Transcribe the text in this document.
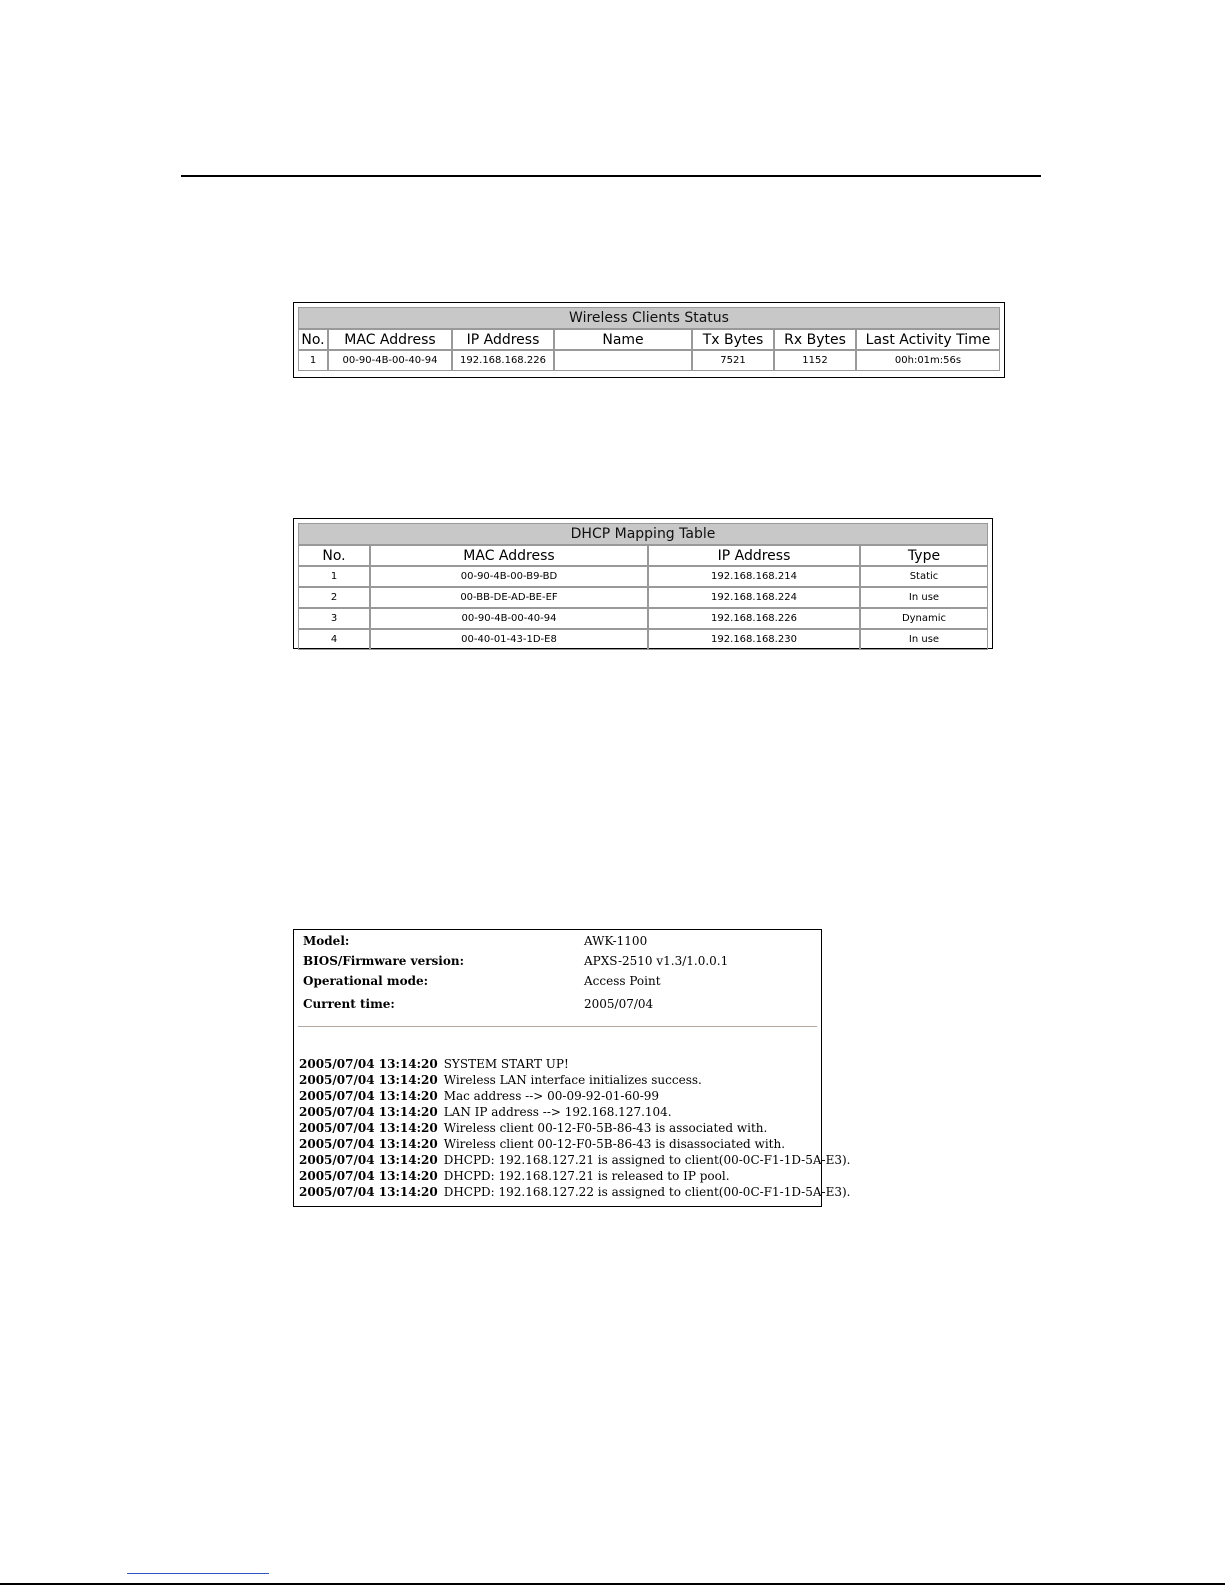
Wireless Clients Status						
No.	MAC Address	IP Address	Name	Tx Bytes	Rx Bytes	Last Activity Time
1	00-90-4B-00-40-94	192.168.168.226		7521	1152	00h:01m:56s
DHCP Mapping Table			
No.	MAC Address	IP Address	Type
1	00-90-4B-00-B9-BD	192.168.168.214	Static
2	00-BB-DE-AD-BE-EF	192.168.168.224	In use
3	00-90-4B-00-40-94	192.168.168.226	Dynamic
4	00-40-01-43-1D-E8	192.168.168.230	In use
Model:	AWK-1100
BIOS/Firmware version:	APXS-2510 v1.3/1.0.0.1
Operational mode:	Access Point
Current time:	2005/07/04
2005/07/04 13:14:20 SYSTEM START UP!
2005/07/04 13:14:20 Wireless LAN interface initializes success.
2005/07/04 13:14:20 Mac address --> 00-09-92-01-60-99
2005/07/04 13:14:20 LAN IP address --> 192.168.127.104.
2005/07/04 13:14:20 Wireless client 00-12-F0-5B-86-43 is associated with.
2005/07/04 13:14:20 Wireless client 00-12-F0-5B-86-43 is disassociated with.
2005/07/04 13:14:20 DHCPD: 192.168.127.21 is assigned to client(00-0C-F1-1D-5A-E3).
2005/07/04 13:14:20 DHCPD: 192.168.127.21 is released to IP pool.
2005/07/04 13:14:20 DHCPD: 192.168.127.22 is assigned to client(00-0C-F1-1D-5A-E3).
